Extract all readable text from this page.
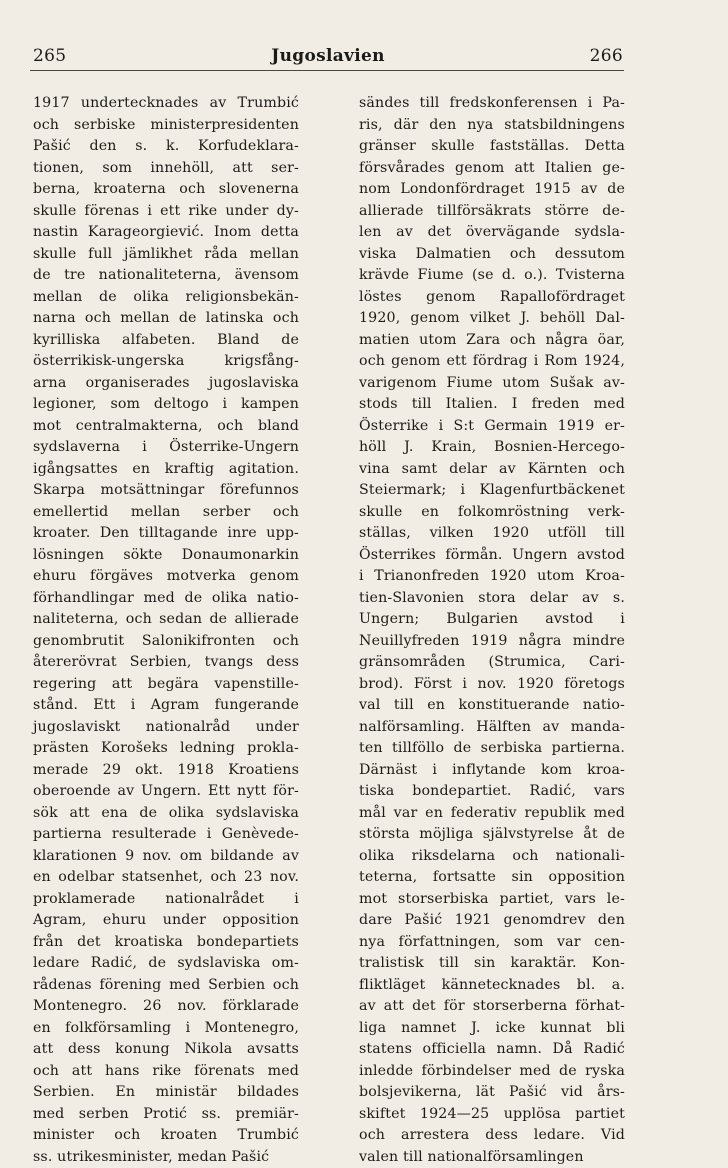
265	Jugoslavien	266
1917 undertecknades av Trumbić
och serbiske ministerpresidenten
Pašić den s. k. Korfudeklara-
tionen, som innehöll, att ser-
berna, kroaterna och slovenerna
skulle förenas i ett rike under dy-
nastin Karageorgiević. Inom detta
skulle full jämlikhet råda mellan
de tre nationaliteterna, ävensom
mellan de olika religionsbekän-
narna och mellan de latinska och
kyrilliska alfabeten. Bland de
österrikisk-ungerska krigsfång-
arna organiserades jugoslaviska
legioner, som deltogo i kampen
mot centralmakterna, och bland
sydslaverna i Österrike-Ungern
igångsattes en kraftig agitation.
Skarpa motsättningar förefunnos
emellertid mellan serber och
kroater. Den tilltagande inre upp-
lösningen sökte Donaumonarkin
ehuru förgäves motverka genom
förhandlingar med de olika natio-
naliteterna, och sedan de allierade
genombrutit Salonikifronten och
återerövrat Serbien, tvangs dess
regering att begära vapenstille-
stånd. Ett i Agram fungerande
jugoslaviskt nationalråd under
prästen Korošeks ledning prokla-
merade 29 okt. 1918 Kroatiens
oberoende av Ungern. Ett nytt för-
sök att ena de olika sydslaviska
partierna resulterade i Genèvede-
klarationen 9 nov. om bildande av
en odelbar statsenhet, och 23 nov.
proklamerade nationalrådet i
Agram, ehuru under opposition
från det kroatiska bondepartiets
ledare Radić, de sydslaviska om-
rådenas förening med Serbien och
Montenegro. 26 nov. förklarade
en folkförsamling i Montenegro,
att dess konung Nikola avsatts
och att hans rike förenats med
Serbien. En ministär bildades
med serben Protić ss. premiär-
minister och kroaten Trumbić
ss. utrikesminister, medan Pašić
sändes till fredskonferensen i Pa-
ris, där den nya statsbildningens
gränser skulle fastställas. Detta
försvårades genom att Italien ge-
nom Londonfördraget 1915 av de
allierade tillförsäkrats större de-
len av det övervägande sydsla-
viska Dalmatien och dessutom
krävde Fiume (se d. o.). Tvisterna
löstes genom Rapallofördraget
1920, genom vilket J. behöll Dal-
matien utom Zara och några öar,
och genom ett fördrag i Rom 1924,
varigenom Fiume utom Sušak av-
stods till Italien. I freden med
Österrike i S:t Germain 1919 er-
höll J. Krain, Bosnien-Hercego-
vina samt delar av Kärnten och
Steiermark; i Klagenfurtbäckenet
skulle en folkomröstning verk-
ställas, vilken 1920 utföll till
Österrikes förmån. Ungern avstod
i Trianonfreden 1920 utom Kroa-
tien-Slavonien stora delar av s.
Ungern; Bulgarien avstod i
Neuillyfreden 1919 några mindre
gränsområden (Strumica, Cari-
brod). Först i nov. 1920 företogs
val till en konstituerande natio-
nalförsamling. Hälften av manda-
ten tillföllo de serbiska partierna.
Därnäst i inflytande kom kroa-
tiska bondepartiet. Radić, vars
mål var en federativ republik med
största möjliga självstyrelse åt de
olika riksdelarna och nationali-
teterna, fortsatte sin opposition
mot storserbiska partiet, vars le-
dare Pašić 1921 genomdrev den
nya författningen, som var cen-
tralistisk till sin karaktär. Kon-
fliktläget kännetecknades bl. a.
av att det för storserberna förhat-
liga namnet J. icke kunnat bli
statens officiella namn. Då Radić
inledde förbindelser med de ryska
bolsjevikerna, lät Pašić vid års-
skiftet 1924—25 upplösa partiet
och arrestera dess ledare. Vid
valen till nationalförsamlingen
